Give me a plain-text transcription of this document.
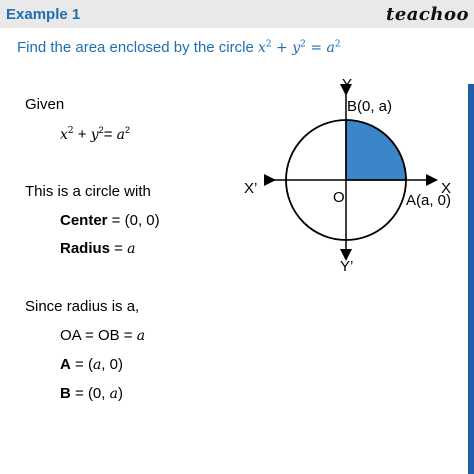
Example 1	teachoo
Find the area enclosed by the circle $x^2 + y^2 = a^2$
Given
$x^2 + y^2= a^2$
This is a circle with
Center = (0, 0)
Radius = a
Since radius is a,
OA = OB = a
A = (a, 0)
B = (0, a)
Y
B(0, a)
X’	X
O	A(a, 0)
Y’
